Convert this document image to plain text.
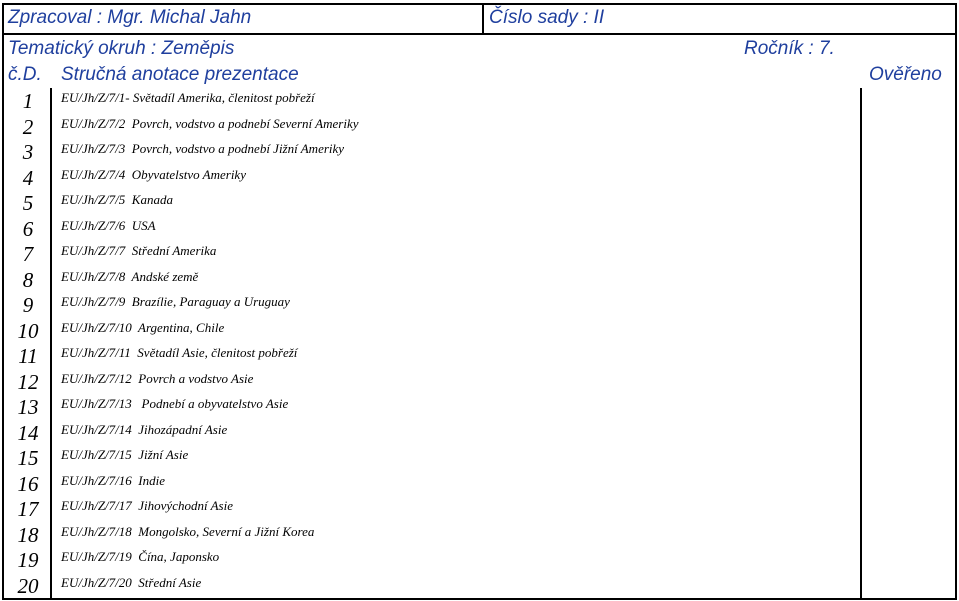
Zpracoval : Mgr. Michal Jahn	Číslo sady : II
Tematický okruh : Zeměpis	Ročník : 7.
č.D. Stručná anotace prezentace	Ověřeno
1	EU/Jh/Z/7/1- Světadíl Amerika, členitost pobřeží
2	EU/Jh/Z/7/2  Povrch, vodstvo a podnebí Severní Ameriky
3	EU/Jh/Z/7/3  Povrch, vodstvo a podnebí Jižní Ameriky
4	EU/Jh/Z/7/4  Obyvatelstvo Ameriky
5	EU/Jh/Z/7/5  Kanada
6	EU/Jh/Z/7/6  USA
7	EU/Jh/Z/7/7  Střední Amerika
8	EU/Jh/Z/7/8  Andské země
9	EU/Jh/Z/7/9  Brazílie, Paraguay a Uruguay
10	EU/Jh/Z/7/10  Argentina, Chile
11	EU/Jh/Z/7/11  Světadíl Asie, členitost pobřeží
12	EU/Jh/Z/7/12  Povrch a vodstvo Asie
13	EU/Jh/Z/7/13   Podnebí a obyvatelstvo Asie
14	EU/Jh/Z/7/14  Jihozápadní Asie
15	EU/Jh/Z/7/15  Jižní Asie
16	EU/Jh/Z/7/16  Indie
17	EU/Jh/Z/7/17  Jihovýchodní Asie
18	EU/Jh/Z/7/18  Mongolsko, Severní a Jižní Korea
19	EU/Jh/Z/7/19  Čína, Japonsko
20	EU/Jh/Z/7/20  Střední Asie
